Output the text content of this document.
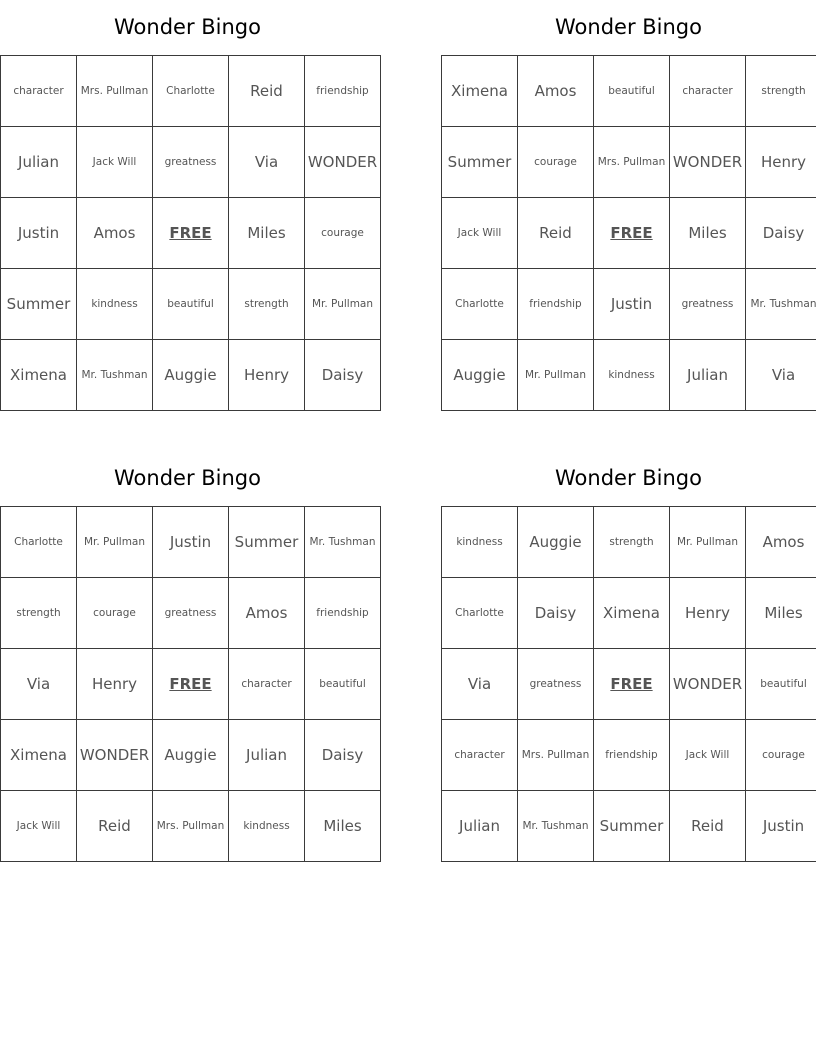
Wonder Bingo
character	Mrs. Pullman	Charlotte	Reid	friendship
Julian	Jack Will	greatness	Via	WONDER
Justin	Amos	FREE	Miles	courage
Summer	kindness	beautiful	strength	Mr. Pullman
Ximena	Mr. Tushman	Auggie	Henry	Daisy
Wonder Bingo
Ximena	Amos	beautiful	character	strength
Summer	courage	Mrs. Pullman	WONDER	Henry
Jack Will	Reid	FREE	Miles	Daisy
Charlotte	friendship	Justin	greatness	Mr. Tushman
Auggie	Mr. Pullman	kindness	Julian	Via
Wonder Bingo
Charlotte	Mr. Pullman	Justin	Summer	Mr. Tushman
strength	courage	greatness	Amos	friendship
Via	Henry	FREE	character	beautiful
Ximena	WONDER	Auggie	Julian	Daisy
Jack Will	Reid	Mrs. Pullman	kindness	Miles
Wonder Bingo
kindness	Auggie	strength	Mr. Pullman	Amos
Charlotte	Daisy	Ximena	Henry	Miles
Via	greatness	FREE	WONDER	beautiful
character	Mrs. Pullman	friendship	Jack Will	courage
Julian	Mr. Tushman	Summer	Reid	Justin
